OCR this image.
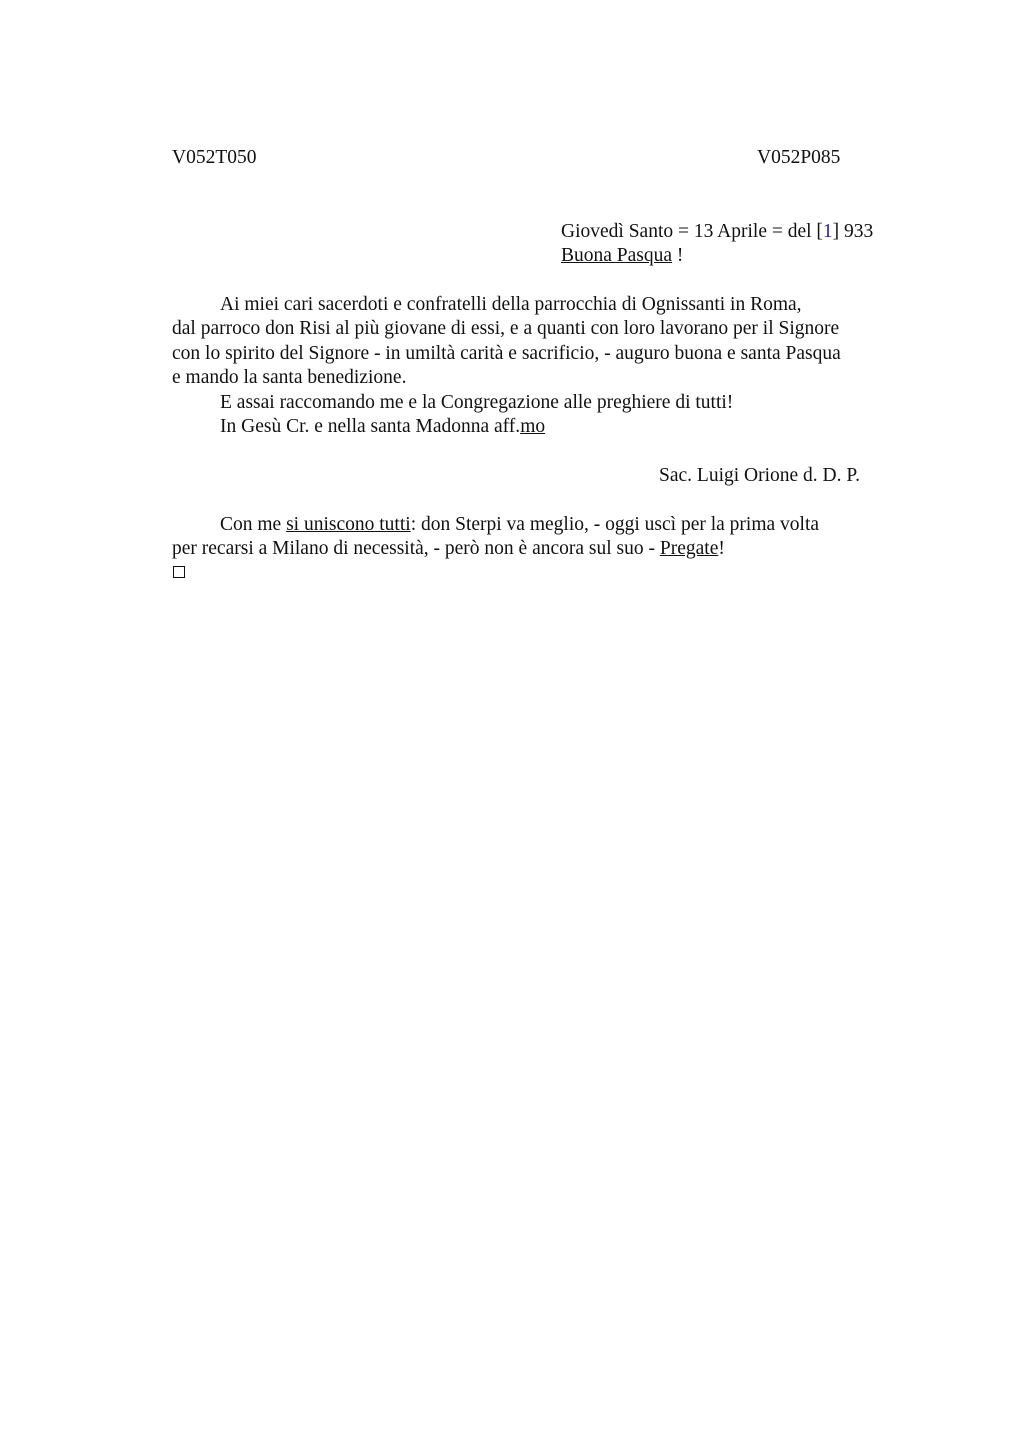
V052T050	V052P085
Giovedì Santo = 13 Aprile = del [1] 933
Buona Pasqua !
Ai miei cari sacerdoti e confratelli della parrocchia di Ognissanti in Roma,
dal parroco don Risi al più giovane di essi, e a quanti con loro lavorano per il Signore
con lo spirito del Signore - in umiltà carità e sacrificio, - auguro buona e santa Pasqua
e mando la santa benedizione.
E assai raccomando me e la Congregazione alle preghiere di tutti!
In Gesù Cr. e nella santa Madonna aff.mo
Sac. Luigi Orione d. D. P.
Con me si uniscono tutti: don Sterpi va meglio, - oggi uscì per la prima volta
per recarsi a Milano di necessità, - però non è ancora sul suo - Pregate!
